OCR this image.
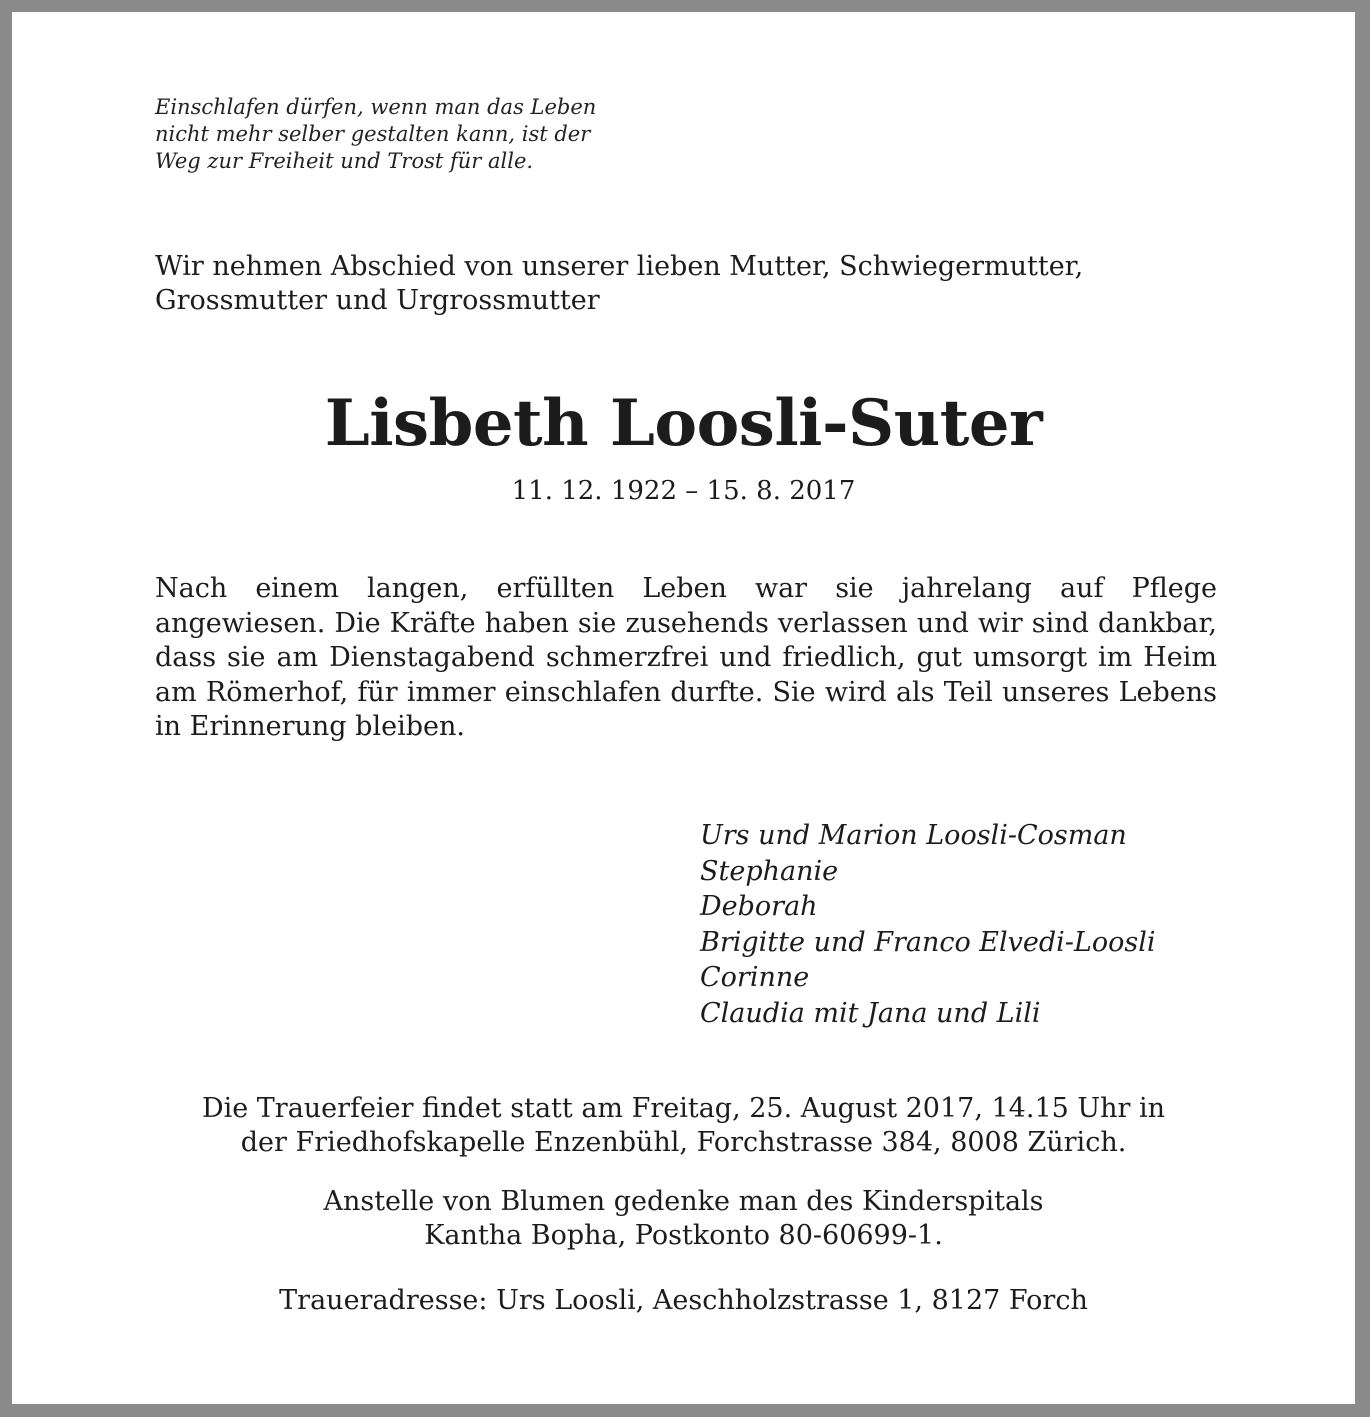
Einschlafen dürfen, wenn man das Leben
nicht mehr selber gestalten kann, ist der
Weg zur Freiheit und Trost für alle.
Wir nehmen Abschied von unserer lieben Mutter, Schwiegermutter,
Grossmutter und Urgrossmutter
Lisbeth Loosli-Suter
11. 12. 1922 – 15. 8. 2017
Nach einem langen, erfüllten Leben war sie jahrelang auf Pflege angewiesen. Die Kräfte haben sie zusehends verlassen und wir sind dankbar, dass sie am Dienstagabend schmerzfrei und friedlich, gut umsorgt im Heim am Römerhof, für immer einschlafen durfte. Sie wird als Teil unseres Lebens in Erinnerung bleiben.
Urs und Marion Loosli-Cosman
Stephanie
Deborah
Brigitte und Franco Elvedi-Loosli
Corinne
Claudia mit Jana und Lili
Die Trauerfeier findet statt am Freitag, 25. August 2017, 14.15 Uhr in
der Friedhofskapelle Enzenbühl, Forchstrasse 384, 8008 Zürich.
Anstelle von Blumen gedenke man des Kinderspitals
Kantha Bopha, Postkonto 80-60699-1.
Traueradresse: Urs Loosli, Aeschholzstrasse 1, 8127 Forch
